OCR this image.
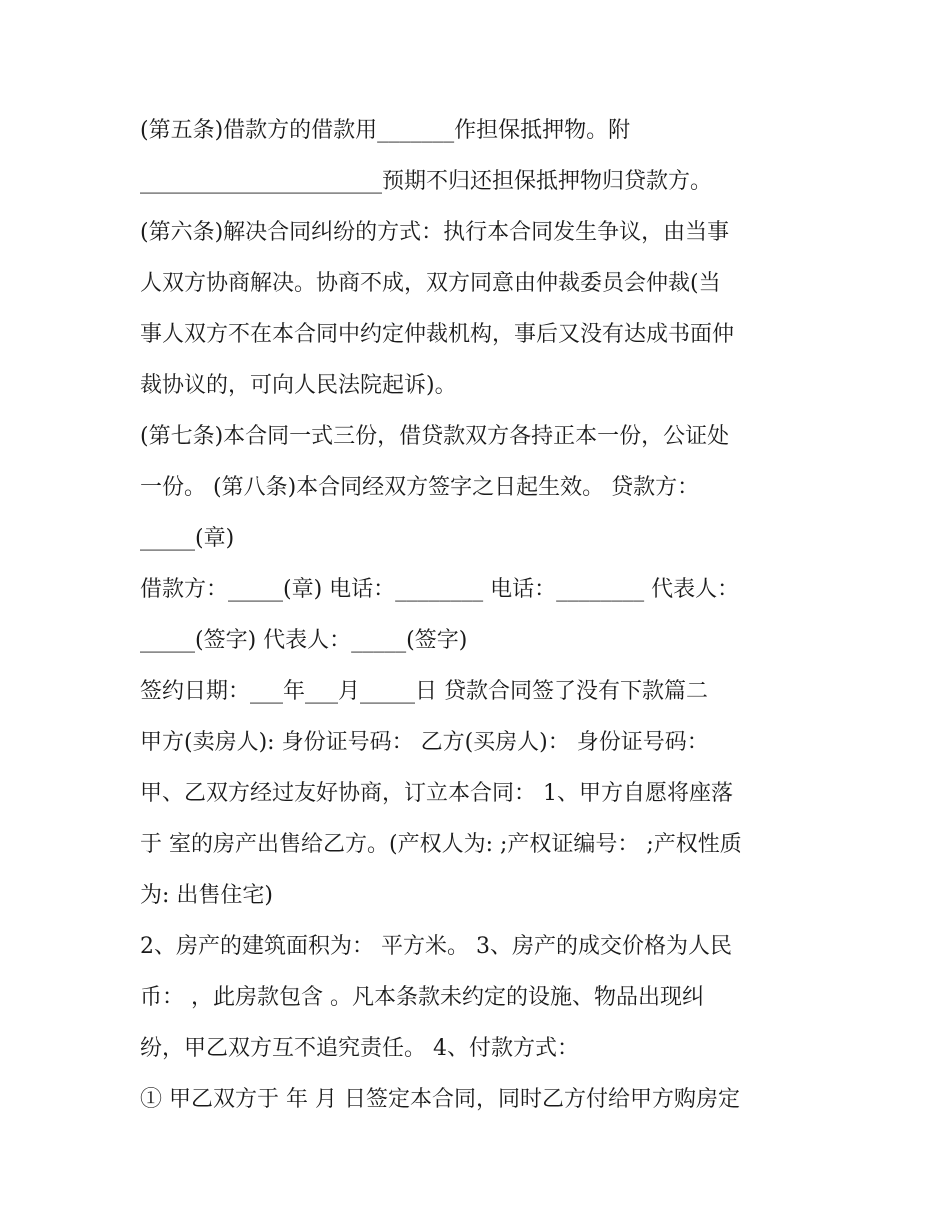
(第五条)借款方的借款用_______作担保抵押物。附
______________________预期不归还担保抵押物归贷款方。
(第六条)解决合同纠纷的方式：执行本合同发生争议，由当事
人双方协商解决。协商不成，双方同意由仲裁委员会仲裁(当
事人双方不在本合同中约定仲裁机构，事后又没有达成书面仲
裁协议的，可向人民法院起诉)。
(第七条)本合同一式三份，借贷款双方各持正本一份，公证处
一份。 (第八条)本合同经双方签字之日起生效。 贷款方：
_____(章)
借款方：_____(章) 电话：________ 电话：________ 代表人：
_____(签字) 代表人：_____(签字)
签约日期：___年___月_____日 贷款合同签了没有下款篇二
甲方(卖房人): 身份证号码： 乙方(买房人)： 身份证号码：
甲、乙双方经过友好协商，订立本合同： 1、甲方自愿将座落
于 室的房产出售给乙方。(产权人为: ;产权证编号： ;产权性质
为: 出售住宅)
2、房产的建筑面积为： 平方米。 3、房产的成交价格为人民
币： ，此房款包含 。凡本条款未约定的设施、物品出现纠
纷，甲乙双方互不追究责任。 4、付款方式：
① 甲乙双方于 年 月 日签定本合同，同时乙方付给甲方购房定
